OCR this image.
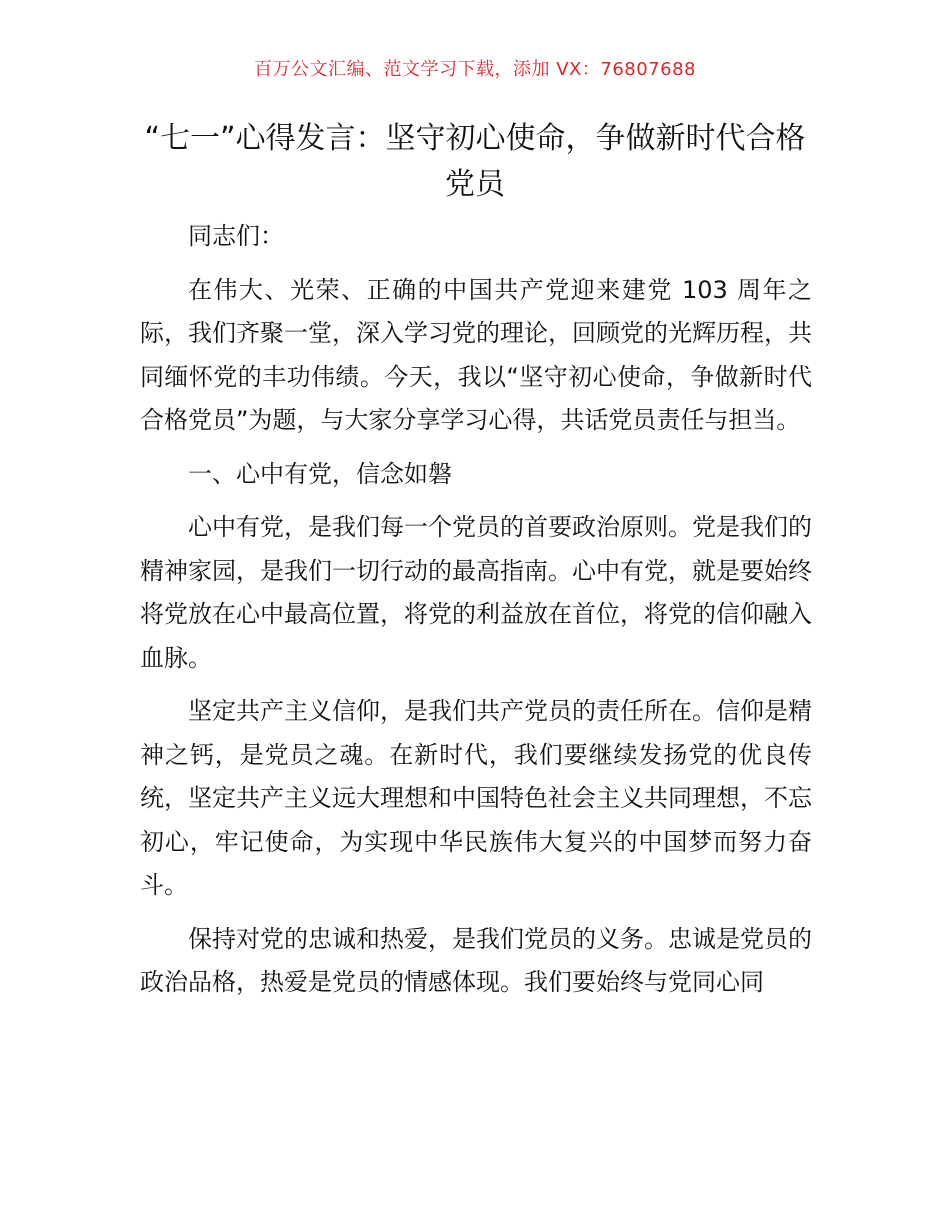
百万公文汇编、范文学习下载，添加 VX：76807688
“七一”心得发言：坚守初心使命，争做新时代合格党员

同志们：

在伟大、光荣、正确的中国共产党迎来建党 103 周年之际，我们齐聚一堂，深入学习党的理论，回顾党的光辉历程，共同缅怀党的丰功伟绩。今天，我以“坚守初心使命，争做新时代合格党员”为题，与大家分享学习心得，共话党员责任与担当。

一、心中有党，信念如磐

心中有党，是我们每一个党员的首要政治原则。党是我们的精神家园，是我们一切行动的最高指南。心中有党，就是要始终将党放在心中最高位置，将党的利益放在首位，将党的信仰融入血脉。

坚定共产主义信仰，是我们共产党员的责任所在。信仰是精神之钙，是党员之魂。在新时代，我们要继续发扬党的优良传统，坚定共产主义远大理想和中国特色社会主义共同理想，不忘初心，牢记使命，为实现中华民族伟大复兴的中国梦而努力奋斗。

保持对党的忠诚和热爱，是我们党员的义务。忠诚是党员的政治品格，热爱是党员的情感体现。我们要始终与党同心同
